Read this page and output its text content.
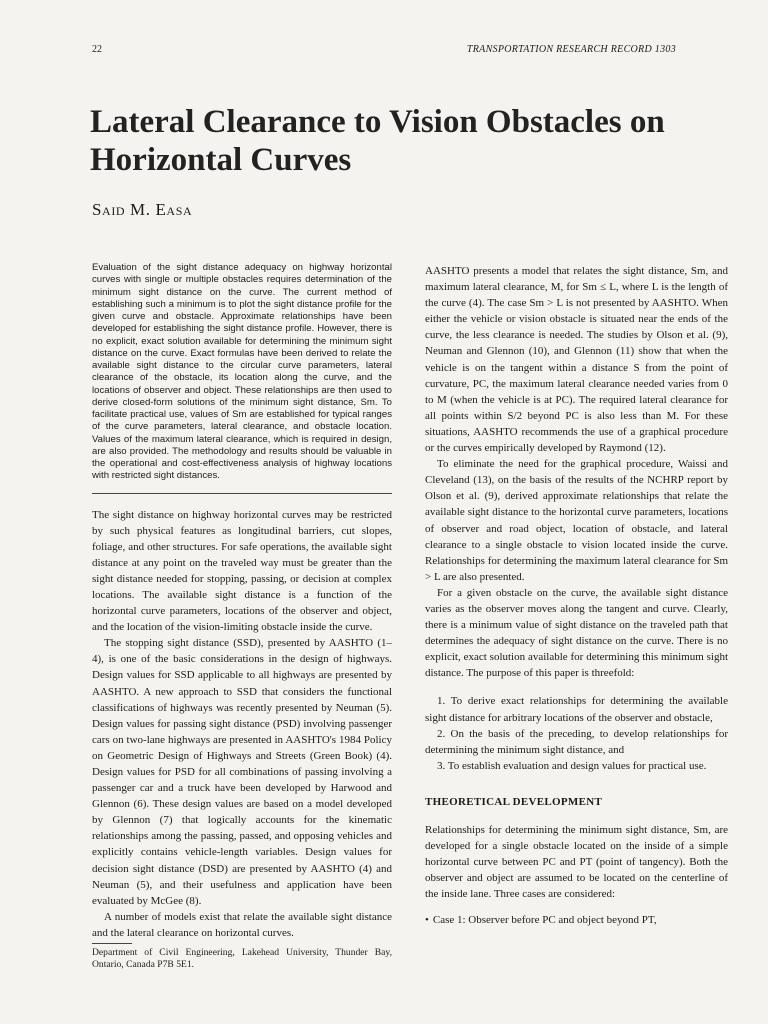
22	TRANSPORTATION RESEARCH RECORD 1303
Lateral Clearance to Vision Obstacles on Horizontal Curves

Said M. Easa

Evaluation of the sight distance adequacy on highway horizontal curves with single or multiple obstacles requires determination of the minimum sight distance on the curve. The current method of establishing such a minimum is to plot the sight distance profile for the given curve and obstacle. Approximate relationships have been developed for establishing the sight distance profile. However, there is no explicit, exact solution available for determining the minimum sight distance on the curve. Exact formulas have been derived to relate the available sight distance to the circular curve parameters, lateral clearance of the obstacle, its location along the curve, and the locations of observer and object. These relationships are then used to derive closed-form solutions of the minimum sight distance, Sm. To facilitate practical use, values of Sm are established for typical ranges of the curve parameters, lateral clearance, and obstacle location. Values of the maximum lateral clearance, which is required in design, are also provided. The methodology and results should be valuable in the operational and cost-effectiveness analysis of highway locations with restricted sight distances.

The sight distance on highway horizontal curves may be restricted by such physical features as longitudinal barriers, cut slopes, foliage, and other structures. For safe operations, the available sight distance at any point on the traveled way must be greater than the sight distance needed for stopping, passing, or decision at complex locations. The available sight distance is a function of the horizontal curve parameters, locations of the observer and object, and the location of the vision-limiting obstacle inside the curve.

The stopping sight distance (SSD), presented by AASHTO (1–4), is one of the basic considerations in the design of highways. Design values for SSD applicable to all highways are presented by AASHTO. A new approach to SSD that considers the functional classifications of highways was recently presented by Neuman (5). Design values for passing sight distance (PSD) involving passenger cars on two-lane highways are presented in AASHTO's 1984 Policy on Geometric Design of Highways and Streets (Green Book) (4). Design values for PSD for all combinations of passing involving a passenger car and a truck have been developed by Harwood and Glennon (6). These design values are based on a model developed by Glennon (7) that logically accounts for the kinematic relationships among the passing, passed, and opposing vehicles and explicitly contains vehicle-length variables. Design values for decision sight distance (DSD) are presented by AASHTO (4) and Neuman (5), and their usefulness and application have been evaluated by McGee (8).

A number of models exist that relate the available sight distance and the lateral clearance on horizontal curves.

Department of Civil Engineering, Lakehead University, Thunder Bay, Ontario, Canada P7B 5E1.

AASHTO presents a model that relates the sight distance, Sm, and maximum lateral clearance, M, for Sm ≤ L, where L is the length of the curve (4). The case Sm > L is not presented by AASHTO. When either the vehicle or vision obstacle is situated near the ends of the curve, the less clearance is needed. The studies by Olson et al. (9), Neuman and Glennon (10), and Glennon (11) show that when the vehicle is on the tangent within a distance S from the point of curvature, PC, the maximum lateral clearance needed varies from 0 to M (when the vehicle is at PC). The required lateral clearance for all points within S/2 beyond PC is also less than M. For these situations, AASHTO recommends the use of a graphical procedure or the curves empirically developed by Raymond (12).

To eliminate the need for the graphical procedure, Waissi and Cleveland (13), on the basis of the results of the NCHRP report by Olson et al. (9), derived approximate relationships that relate the available sight distance to the horizontal curve parameters, locations of observer and road object, location of obstacle, and lateral clearance to a single obstacle to vision located inside the curve. Relationships for determining the maximum lateral clearance for Sm > L are also presented.

For a given obstacle on the curve, the available sight distance varies as the observer moves along the tangent and curve. Clearly, there is a minimum value of sight distance on the traveled path that determines the adequacy of sight distance on the curve. There is no explicit, exact solution available for determining this minimum sight distance. The purpose of this paper is threefold:

1. To derive exact relationships for determining the available sight distance for arbitrary locations of the observer and obstacle,

2. On the basis of the preceding, to develop relationships for determining the minimum sight distance, and

3. To establish evaluation and design values for practical use.

THEORETICAL DEVELOPMENT

Relationships for determining the minimum sight distance, Sm, are developed for a single obstacle located on the inside of a simple horizontal curve between PC and PT (point of tangency). Both the observer and object are assumed to be located on the centerline of the inside lane. Three cases are considered:

• Case 1: Observer before PC and object beyond PT,
